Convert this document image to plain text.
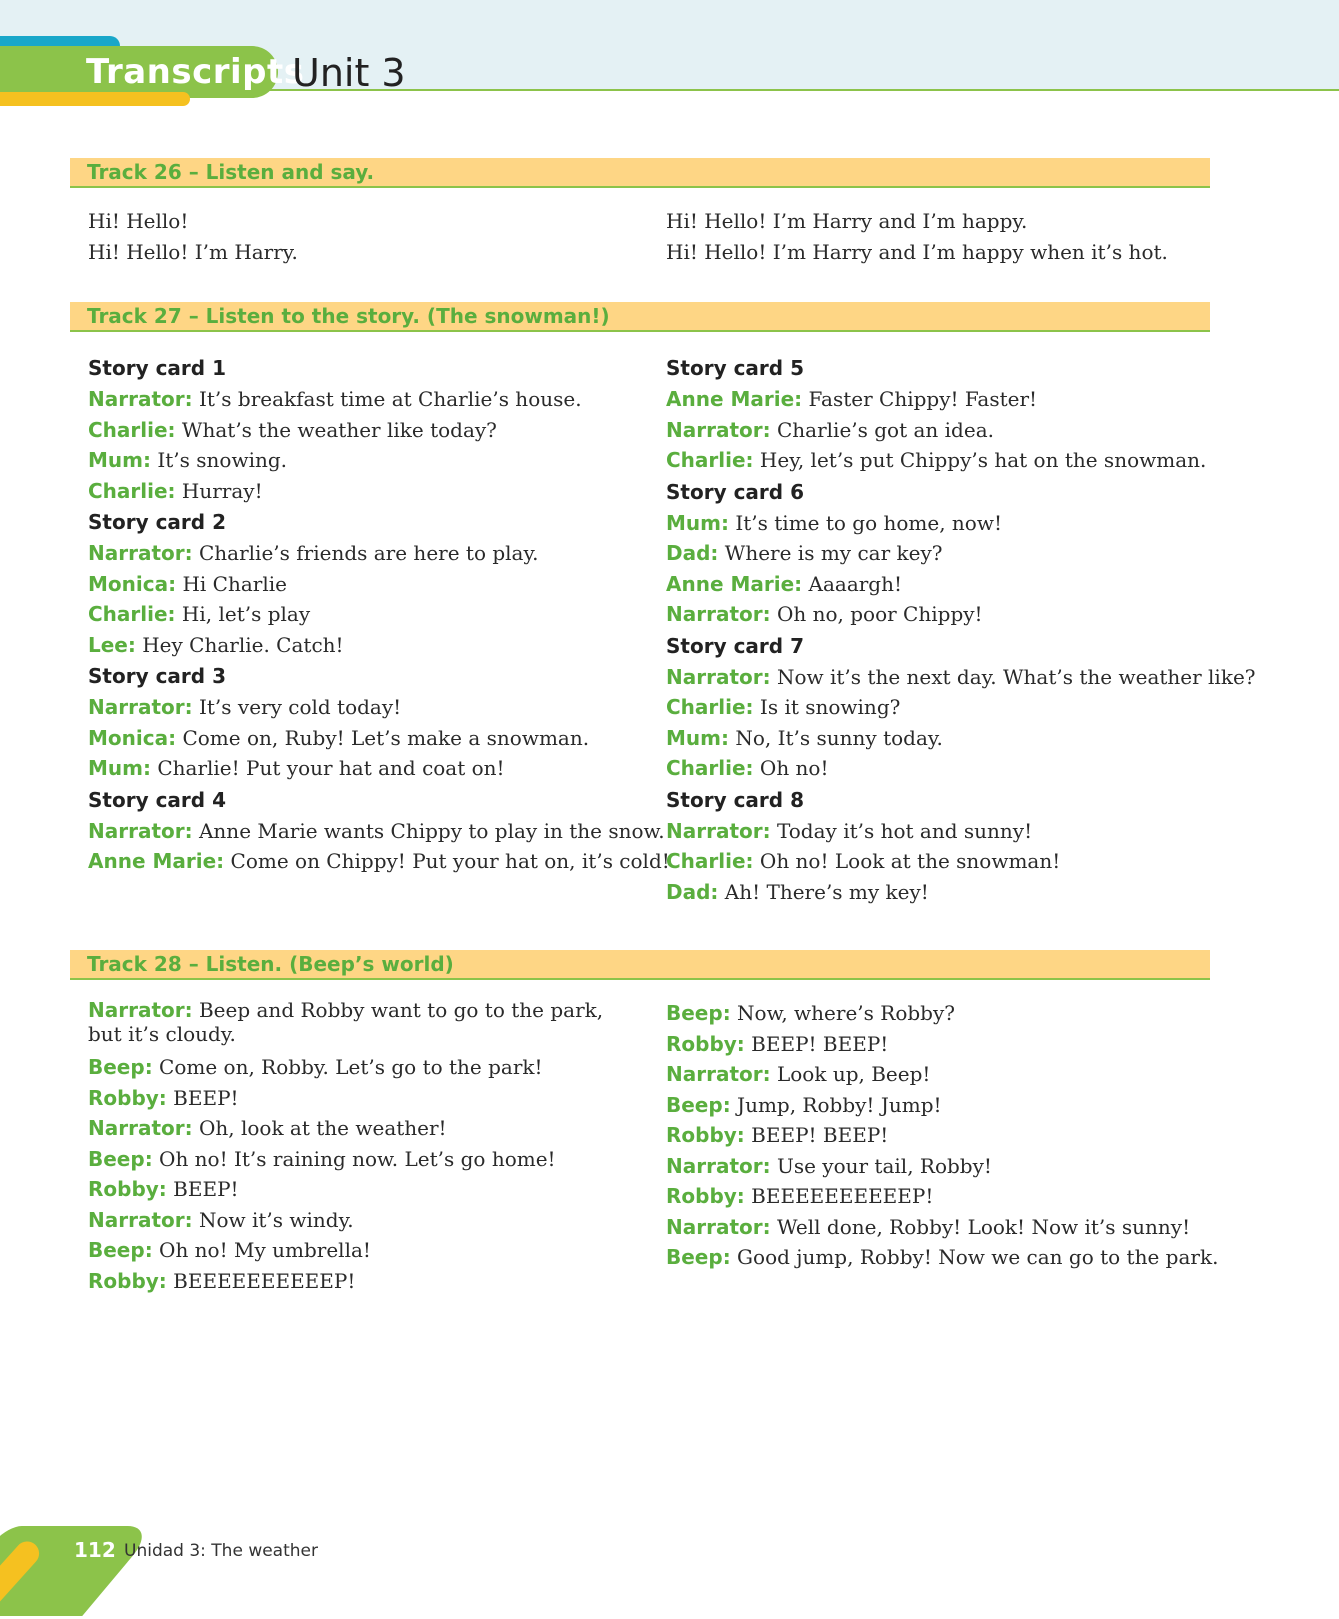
Transcripts
Unit 3
Track 26 – Listen and say.
Hi! Hello!
Hi! Hello! I’m Harry.
Hi! Hello! I’m Harry and I’m happy.
Hi! Hello! I’m Harry and I’m happy when it’s hot.
Track 27 – Listen to the story. (The snowman!)
Story card 1
Narrator: It’s breakfast time at Charlie’s house.
Charlie: What’s the weather like today?
Mum: It’s snowing.
Charlie: Hurray!
Story card 2
Narrator: Charlie’s friends are here to play.
Monica: Hi Charlie
Charlie: Hi, let’s play
Lee: Hey Charlie. Catch!
Story card 3
Narrator: It’s very cold today!
Monica: Come on, Ruby! Let’s make a snowman.
Mum: Charlie! Put your hat and coat on!
Story card 4
Narrator: Anne Marie wants Chippy to play in the snow.
Anne Marie: Come on Chippy! Put your hat on, it’s cold!
Story card 5
Anne Marie: Faster Chippy! Faster!
Narrator: Charlie’s got an idea.
Charlie: Hey, let’s put Chippy’s hat on the snowman.
Story card 6
Mum: It’s time to go home, now!
Dad: Where is my car key?
Anne Marie: Aaaargh!
Narrator: Oh no, poor Chippy!
Story card 7
Narrator: Now it’s the next day. What’s the weather like?
Charlie: Is it snowing?
Mum: No, It’s sunny today.
Charlie: Oh no!
Story card 8
Narrator: Today it’s hot and sunny!
Charlie: Oh no! Look at the snowman!
Dad: Ah! There’s my key!
Track 28 – Listen. (Beep’s world)
Narrator: Beep and Robby want to go to the park, but it’s cloudy.
Beep: Come on, Robby. Let’s go to the park!
Robby: BEEP!
Narrator: Oh, look at the weather!
Beep: Oh no! It’s raining now. Let’s go home!
Robby: BEEP!
Narrator: Now it’s windy.
Beep: Oh no! My umbrella!
Robby: BEEEEEEEEEEP!
Beep: Now, where’s Robby?
Robby: BEEP! BEEP!
Narrator: Look up, Beep!
Beep: Jump, Robby! Jump!
Robby: BEEP! BEEP!
Narrator: Use your tail, Robby!
Robby: BEEEEEEEEEEP!
Narrator: Well done, Robby! Look! Now it’s sunny!
Beep: Good jump, Robby! Now we can go to the park.
112 Unidad 3: The weather
